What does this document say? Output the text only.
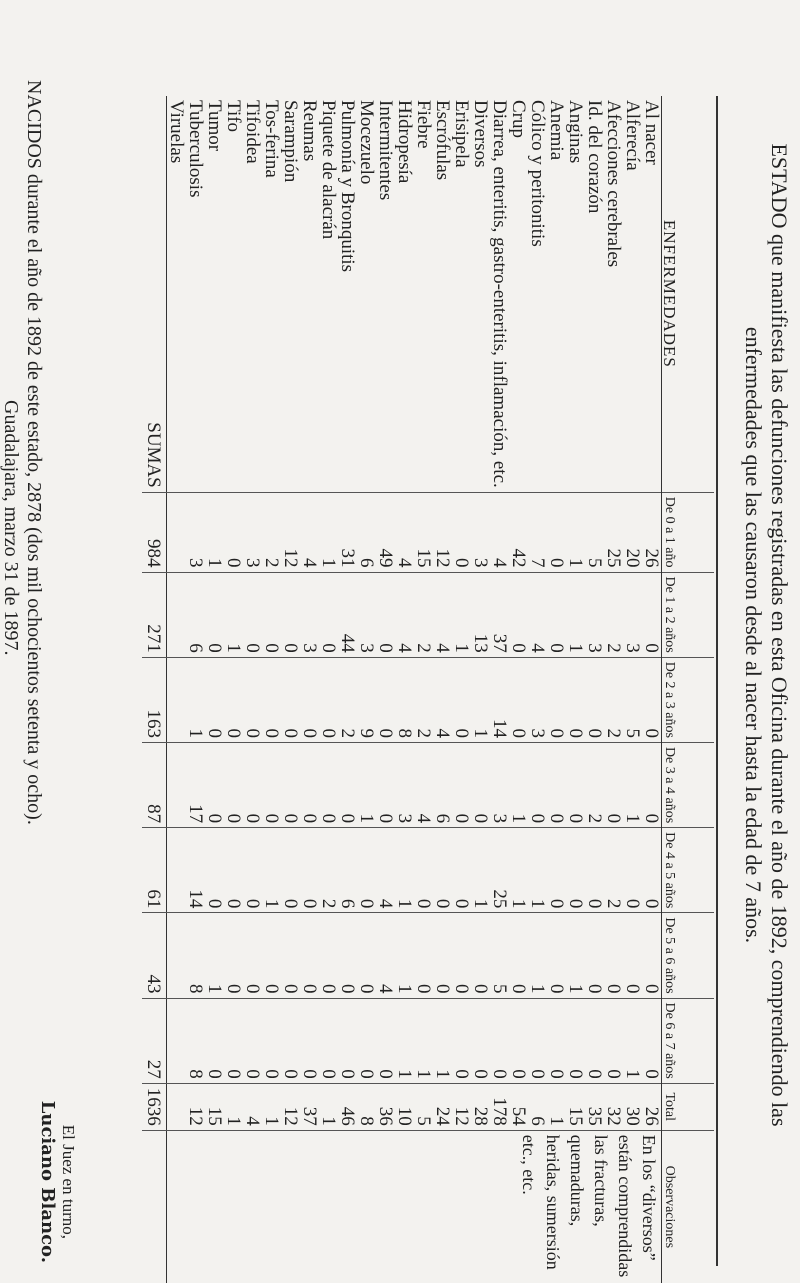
ESTADO que manifiesta las defunciones registradas en esta Oficina durante el año de 1892, comprendiendo las
enfermedades que las causaron desde al nacer hasta la edad de 7 años.
ENFERMEDADES	De 0 a 1 año	De 1 a 2 años	De 2 a 3 años	De 3 a 4 años	De 4 a 5 años	De 5 a 6 años	De 6 a 7 años	Total	Observaciones
Al nacer	26	0	0	0	0	0	0	26	En los “diversos” están comprendidas las fracturas, quemaduras, heridas, sumersión etc., etc.
Alferecía	20	3	5	1	0	0	1	30	
Afecciones cerebrales	25	2	2	0	2	0	0	32	
Id. del corazón	5	3	0	2	0	0	0	35	
Anginas	1	1	0	0	0	1	0	15	
Anemia	0	0	0	0	0	0	0	1	
Cólico y peritonitis	7	4	3	0	1	1	0	6	
Crup	42	0	0	1	1	0	0	54	
Diarrea, enteritis, gastro-enteritis, inflamación, etc.	4	37	14	3	25	5	0	178	
Diversos	3	13	1	0	1	0	0	28	
Erisipela	0	1	0	0	0	0	0	12	
Escrófulas	12	4	4	6	0	0	1	24	
Fiebre	15	2	2	4	0	0	1	5	
Hidropesía	4	4	8	3	1	1	1	10	
Intermitentes	49	0	0	0	4	4	0	36	
Mocezuelo	6	3	9	1	0	0	0	8	
Pulmonía y Bronquitis	31	44	2	0	6	0	0	46	
Piquete de alacrán	1	0	0	0	2	0	0	1	
Reumas	4	3	0	0	0	0	0	37	
Sarampión	12	0	0	0	0	0	0	12	
Tos-ferina	2	0	0	0	1	0	0	1	
Tifoidea	3	0	0	0	0	0	0	4	
Tifo	0	1	0	0	0	0	0	1	
Tumor	1	0	0	0	0	1	0	15	
Tuberculosis	3	6	1	17	14	8	8	12	
Viruelas									
SUMAS	984	271	163	87	61	43	27	1636	
El Juez en turno,
Luciano Blanco.
NACIDOS durante el año de 1892 de este estado, 2878 (dos mil ochocientos setenta y ocho).
Guadalajara, marzo 31 de 1897.
